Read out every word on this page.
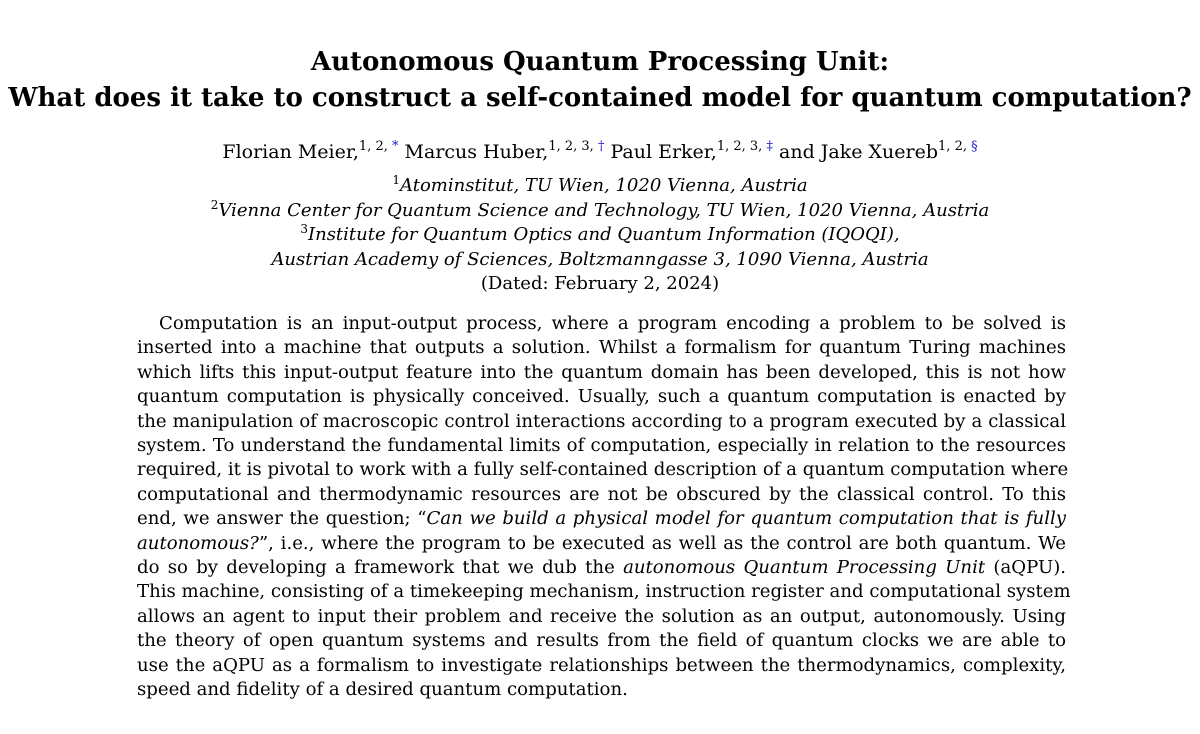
Autonomous Quantum Processing Unit:
What does it take to construct a self-contained model for quantum computation?
Florian Meier,$^{1, 2, *}$ Marcus Huber,$^{1, 2, 3, \dagger}$ Paul Erker,$^{1, 2, 3, \ddagger}$ and Jake Xuereb$^{1, 2, \S}$
$^1$Atominstitut, TU Wien, 1020 Vienna, Austria
$^2$Vienna Center for Quantum Science and Technology, TU Wien, 1020 Vienna, Austria
$^3$Institute for Quantum Optics and Quantum Information (IQOQI),
Austrian Academy of Sciences, Boltzmanngasse 3, 1090 Vienna, Austria
(Dated: February 2, 2024)
Computation is an input-output process, where a program encoding a problem to be solved is
inserted into a machine that outputs a solution. Whilst a formalism for quantum Turing machines
which lifts this input-output feature into the quantum domain has been developed, this is not how
quantum computation is physically conceived. Usually, such a quantum computation is enacted by
the manipulation of macroscopic control interactions according to a program executed by a classical
system. To understand the fundamental limits of computation, especially in relation to the resources
required, it is pivotal to work with a fully self-contained description of a quantum computation where
computational and thermodynamic resources are not be obscured by the classical control. To this
end, we answer the question; “Can we build a physical model for quantum computation that is fully
autonomous?”, i.e., where the program to be executed as well as the control are both quantum. We
do so by developing a framework that we dub the autonomous Quantum Processing Unit (aQPU).
This machine, consisting of a timekeeping mechanism, instruction register and computational system
allows an agent to input their problem and receive the solution as an output, autonomously. Using
the theory of open quantum systems and results from the field of quantum clocks we are able to
use the aQPU as a formalism to investigate relationships between the thermodynamics, complexity,
speed and fidelity of a desired quantum computation.
